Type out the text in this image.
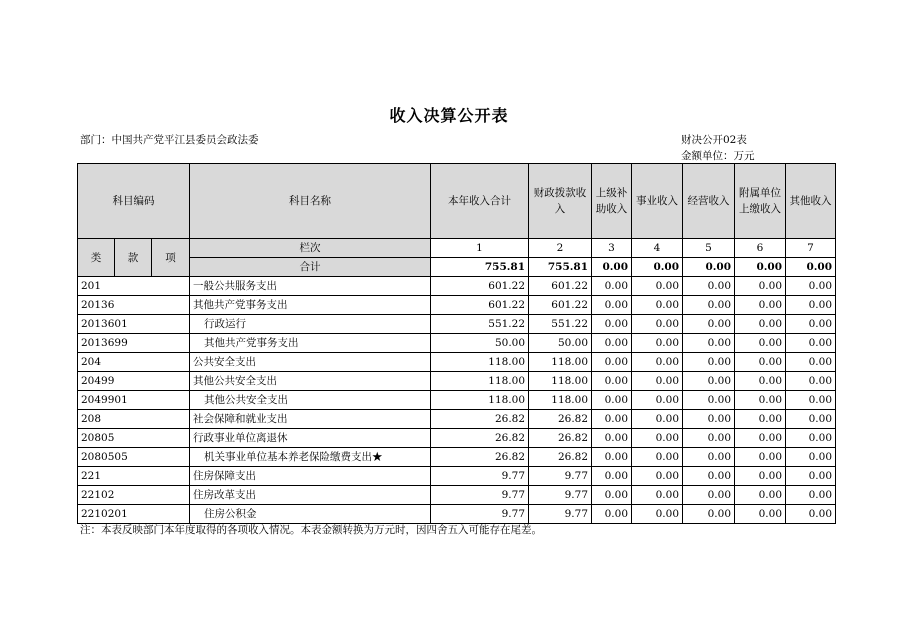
收入决算公开表
部门：中国共产党平江县委员会政法委	财决公开02表
金额单位：万元
科目编码			科目名称	本年收入合计	财政拨款收入	上级补助收入	事业收入	经营收入	附属单位上缴收入	其他收入
类	款	项	栏次	1	2	3	4	5	6	7
			合计	755.81	755.81	0.00	0.00	0.00	0.00	0.00
201			一般公共服务支出	601.22	601.22	0.00	0.00	0.00	0.00	0.00
20136			其他共产党事务支出	601.22	601.22	0.00	0.00	0.00	0.00	0.00
2013601			行政运行	551.22	551.22	0.00	0.00	0.00	0.00	0.00
2013699			其他共产党事务支出	50.00	50.00	0.00	0.00	0.00	0.00	0.00
204			公共安全支出	118.00	118.00	0.00	0.00	0.00	0.00	0.00
20499			其他公共安全支出	118.00	118.00	0.00	0.00	0.00	0.00	0.00
2049901			其他公共安全支出	118.00	118.00	0.00	0.00	0.00	0.00	0.00
208			社会保障和就业支出	26.82	26.82	0.00	0.00	0.00	0.00	0.00
20805			行政事业单位离退休	26.82	26.82	0.00	0.00	0.00	0.00	0.00
2080505			机关事业单位基本养老保险缴费支出★	26.82	26.82	0.00	0.00	0.00	0.00	0.00
221			住房保障支出	9.77	9.77	0.00	0.00	0.00	0.00	0.00
22102			住房改革支出	9.77	9.77	0.00	0.00	0.00	0.00	0.00
2210201			住房公积金	9.77	9.77	0.00	0.00	0.00	0.00	0.00
注：本表反映部门本年度取得的各项收入情况。本表金额转换为万元时，因四舍五入可能存在尾差。
